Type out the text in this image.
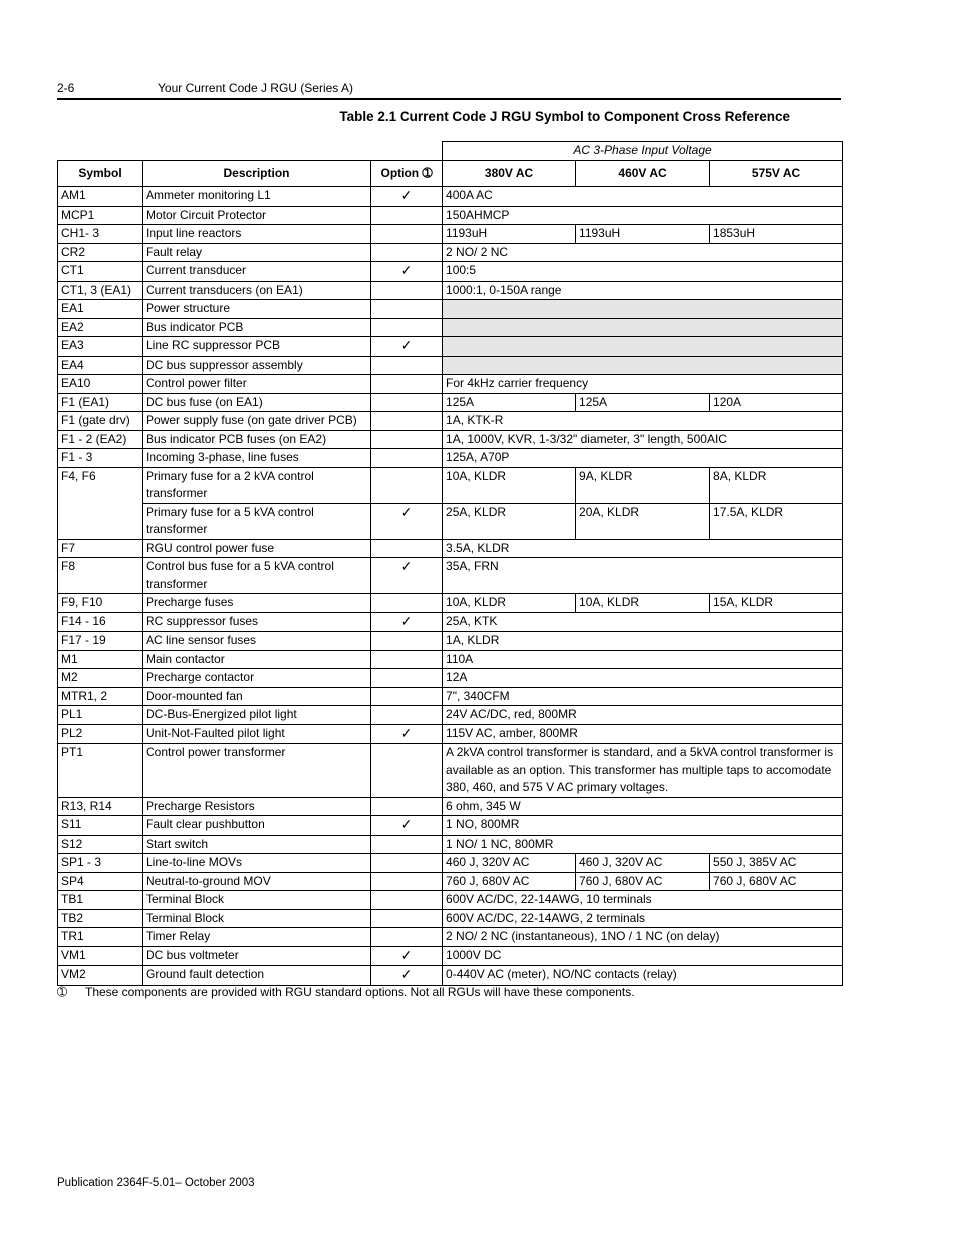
2-6	Your Current Code J RGU (Series A)
Table 2.1 Current Code J RGU Symbol to Component Cross Reference
			AC 3-Phase Input Voltage		
Symbol	Description	Option ➀	380V AC	460V AC	575V AC
AM1	Ammeter monitoring L1	✓	400A AC		
MCP1	Motor Circuit Protector		150AHMCP		
CH1- 3	Input line reactors		1193uH	1193uH	1853uH
CR2	Fault relay		2 NO/ 2 NC		
CT1	Current transducer	✓	100:5		
CT1, 3 (EA1)	Current transducers (on EA1)		1000:1, 0-150A range		
EA1	Power structure				
EA2	Bus indicator PCB				
EA3	Line RC suppressor PCB	✓			
EA4	DC bus suppressor assembly				
EA10	Control power filter		For 4kHz carrier frequency		
F1 (EA1)	DC bus fuse (on EA1)		125A	125A	120A
F1 (gate drv)	Power supply fuse (on gate driver PCB)		1A, KTK-R		
F1 - 2 (EA2)	Bus indicator PCB fuses (on EA2)		1A, 1000V, KVR, 1-3/32" diameter, 3" length, 500AIC		
F1 - 3	Incoming 3-phase, line fuses		125A, A70P		
F4, F6	Primary fuse for a 2 kVA control transformer		10A, KLDR	9A, KLDR	8A, KLDR
	Primary fuse for a 5 kVA control transformer	✓	25A, KLDR	20A, KLDR	17.5A, KLDR
F7	RGU control power fuse		3.5A, KLDR		
F8	Control bus fuse for a 5 kVA control transformer	✓	35A, FRN		
F9, F10	Precharge fuses		10A, KLDR	10A, KLDR	15A, KLDR
F14 - 16	RC suppressor fuses	✓	25A, KTK		
F17 - 19	AC line sensor fuses		1A, KLDR		
M1	Main contactor		110A		
M2	Precharge contactor		12A		
MTR1, 2	Door-mounted fan		7", 340CFM		
PL1	DC-Bus-Energized pilot light		24V AC/DC, red, 800MR		
PL2	Unit-Not-Faulted pilot light	✓	115V AC, amber, 800MR		
PT1	Control power transformer		A 2kVA control transformer is standard, and a 5kVA control transformer is available as an option. This transformer has multiple taps to accomodate 380, 460, and 575 V AC primary voltages.		
R13, R14	Precharge Resistors		6 ohm, 345 W		
S11	Fault clear pushbutton	✓	1 NO, 800MR		
S12	Start switch		1 NO/ 1 NC, 800MR		
SP1 - 3	Line-to-line MOVs		460 J, 320V AC	460 J, 320V AC	550 J, 385V AC
SP4	Neutral-to-ground MOV		760 J, 680V AC	760 J, 680V AC	760 J, 680V AC
TB1	Terminal Block		600V AC/DC, 22-14AWG, 10 terminals		
TB2	Terminal Block		600V AC/DC, 22-14AWG, 2 terminals		
TR1	Timer Relay		2 NO/ 2 NC (instantaneous), 1NO / 1 NC (on delay)		
VM1	DC bus voltmeter	✓	1000V DC		
VM2	Ground fault detection	✓	0-440V AC (meter), NO/NC contacts (relay)		
➀ These components are provided with RGU standard options. Not all RGUs will have these components.
Publication 2364F-5.01– October 2003
